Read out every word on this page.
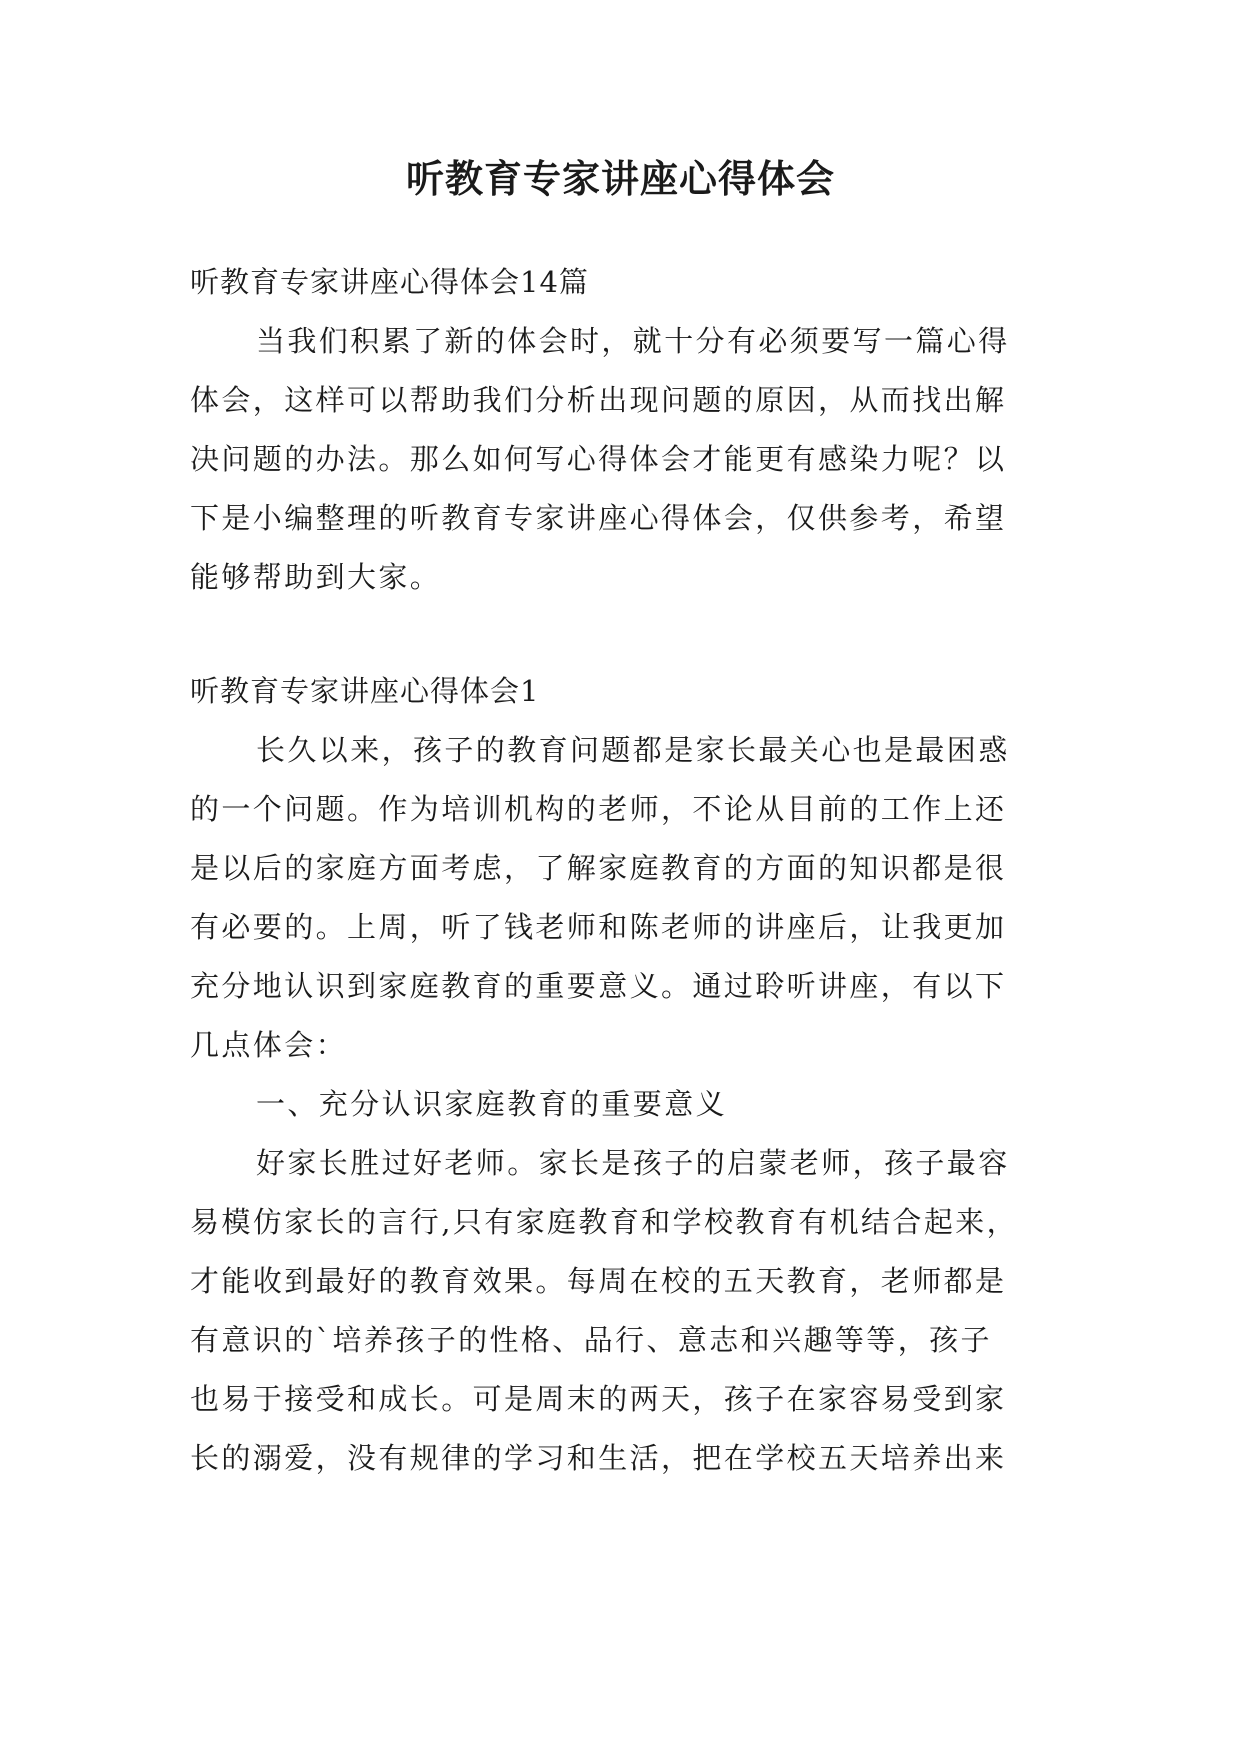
听教育专家讲座心得体会
听教育专家讲座心得体会14篇
当我们积累了新的体会时，就十分有必须要写一篇心得
体会，这样可以帮助我们分析出现问题的原因，从而找出解
决问题的办法。那么如何写心得体会才能更有感染力呢？以
下是小编整理的听教育专家讲座心得体会，仅供参考，希望
能够帮助到大家。
听教育专家讲座心得体会1
长久以来，孩子的教育问题都是家长最关心也是最困惑
的一个问题。作为培训机构的老师，不论从目前的工作上还
是以后的家庭方面考虑，了解家庭教育的方面的知识都是很
有必要的。上周，听了钱老师和陈老师的讲座后，让我更加
充分地认识到家庭教育的重要意义。通过聆听讲座，有以下
几点体会：
一、充分认识家庭教育的重要意义
好家长胜过好老师。家长是孩子的启蒙老师，孩子最容
易模仿家长的言行,只有家庭教育和学校教育有机结合起来，
才能收到最好的教育效果。每周在校的五天教育，老师都是
有意识的`培养孩子的性格、品行、意志和兴趣等等，孩子
也易于接受和成长。可是周末的两天，孩子在家容易受到家
长的溺爱，没有规律的学习和生活，把在学校五天培养出来
